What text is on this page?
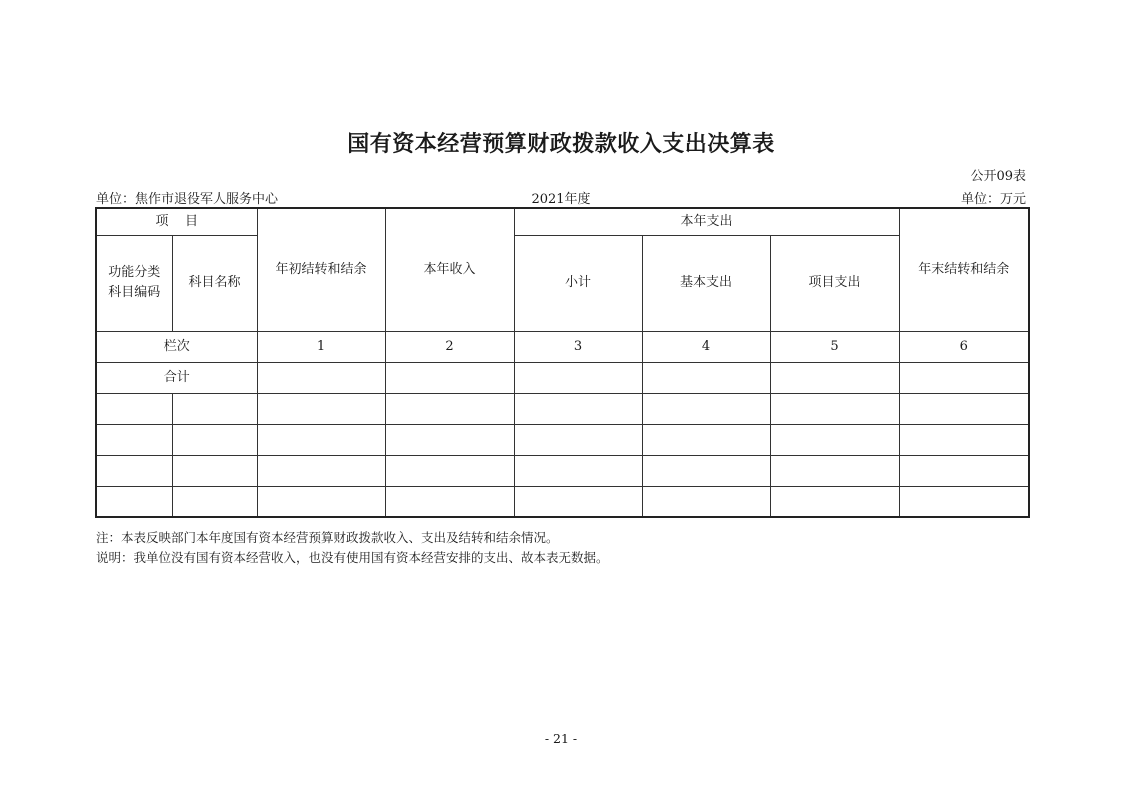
国有资本经营预算财政拨款收入支出决算表
公开09表
单位：焦作市退役军人服务中心	2021年度	单位：万元
项    目		年初结转和结余	本年收入	本年支出			年末结转和结余
功能分类科目编码	科目名称			小计	基本支出	项目支出	
栏次		1	2	3	4	5	6
合计							

注：本表反映部门本年度国有资本经营预算财政拨款收入、支出及结转和结余情况。
说明：我单位没有国有资本经营收入，也没有使用国有资本经营安排的支出、故本表无数据。
- 21 -
